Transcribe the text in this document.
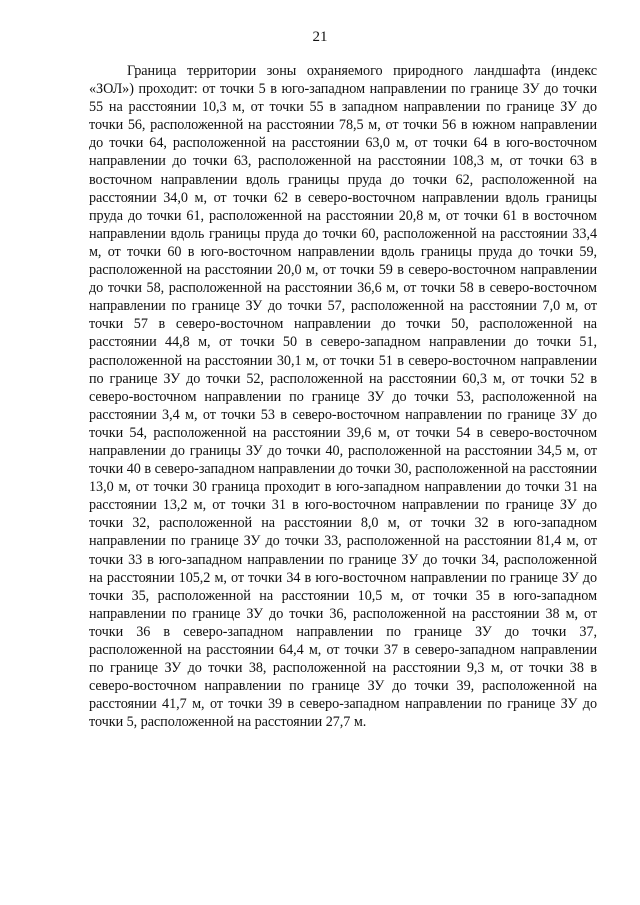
21

Граница территории зоны охраняемого природного ландшафта (индекс «ЗОЛ») проходит: от точки 5 в юго-западном направлении по границе ЗУ до точки 55 на расстоянии 10,3 м, от точки 55 в западном направлении по границе ЗУ до точки 56, расположенной на расстоянии 78,5 м, от точки 56 в южном направлении до точки 64, расположенной на расстоянии 63,0 м, от точки 64 в юго-восточном направлении до точки 63, расположенной на расстоянии 108,3 м, от точки 63 в восточном направлении вдоль границы пруда до точки 62, расположенной на расстоянии 34,0 м, от точки 62 в северо-восточном направлении вдоль границы пруда до точки 61, расположенной на расстоянии 20,8 м, от точки 61 в восточном направлении вдоль границы пруда до точки 60, расположенной на расстоянии 33,4 м, от точки 60 в юго-восточном направлении вдоль границы пруда до точки 59, расположенной на расстоянии 20,0 м, от точки 59 в северо-восточном направлении до точки 58, расположенной на расстоянии 36,6 м, от точки 58 в северо-восточном направлении по границе ЗУ до точки 57, расположенной на расстоянии 7,0 м, от точки 57 в северо-восточном направлении до точки 50, расположенной на расстоянии 44,8 м, от точки 50 в северо-западном направлении до точки 51, расположенной на расстоянии 30,1 м, от точки 51 в северо-восточном направлении по границе ЗУ до точки 52, расположенной на расстоянии 60,3 м, от точки 52 в северо-восточном направлении по границе ЗУ до точки 53, расположенной на расстоянии 3,4 м, от точки 53 в северо-восточном направлении по границе ЗУ до точки 54, расположенной на расстоянии 39,6 м, от точки 54 в северо-восточном направлении до границы ЗУ до точки 40, расположенной на расстоянии 34,5 м, от точки 40 в северо-западном направлении до точки 30, расположенной на расстоянии 13,0 м, от точки 30 граница проходит в юго-западном направлении до точки 31 на расстоянии 13,2 м, от точки 31 в юго-восточном направлении по границе ЗУ до точки 32, расположенной на расстоянии 8,0 м, от точки 32 в юго-западном направлении по границе ЗУ до точки 33, расположенной на расстоянии 81,4 м, от точки 33 в юго-западном направлении по границе ЗУ до точки 34, расположенной на расстоянии 105,2 м, от точки 34 в юго-восточном направлении по границе ЗУ до точки 35, расположенной на расстоянии 10,5 м, от точки 35 в юго-западном направлении по границе ЗУ до точки 36, расположенной на расстоянии 38 м, от точки 36 в северо-западном направлении по границе ЗУ до точки 37, расположенной на расстоянии 64,4 м, от точки 37 в северо-западном направлении по границе ЗУ до точки 38, расположенной на расстоянии 9,3 м, от точки 38 в северо-восточном направлении по границе ЗУ до точки 39, расположенной на расстоянии 41,7 м, от точки 39 в северо-западном направлении по границе ЗУ до точки 5, расположенной на расстоянии 27,7 м.
